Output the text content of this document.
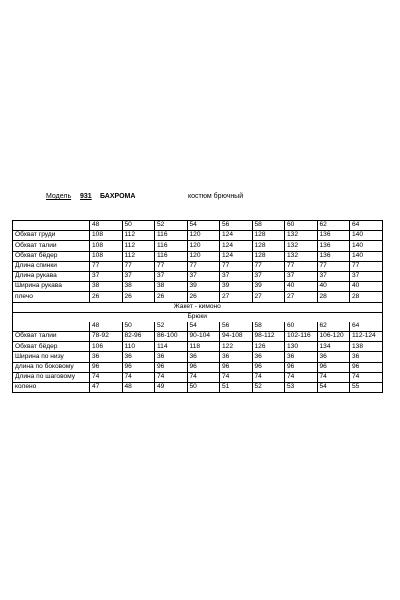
Модель 931 БАХРОМА	костюм брючный
	48	50	52	54	56	58	60	62	64
Обхват груди	108	112	116	120	124	128	132	136	140
Обхват талии	108	112	116	120	124	128	132	136	140
Обхват бёдер	108	112	116	120	124	128	132	136	140
Длина спинки	77	77	77	77	77	77	77	77	77
Длина рукава	37	37	37	37	37	37	37	37	37
Ширина рукава	38	38	38	39	39	39	40	40	40
плечо	26	26	26	26	27	27	27	28	28
Жакет - кимоно									
Брюки									
	48	50	52	54	56	58	60	62	64
Обхват талии	78-92	82-96	86-100	90-104	94-108	98-112	102-116	106-120	112-124
Обхват бёдер	106	110	114	118	122	126	130	134	138
Ширина по низу	36	36	36	36	36	36	36	36	36
длина по боковому	96	96	96	96	96	96	96	96	96
Длина по шаговому	74	74	74	74	74	74	74	74	74
колено	47	48	49	50	51	52	53	54	55
